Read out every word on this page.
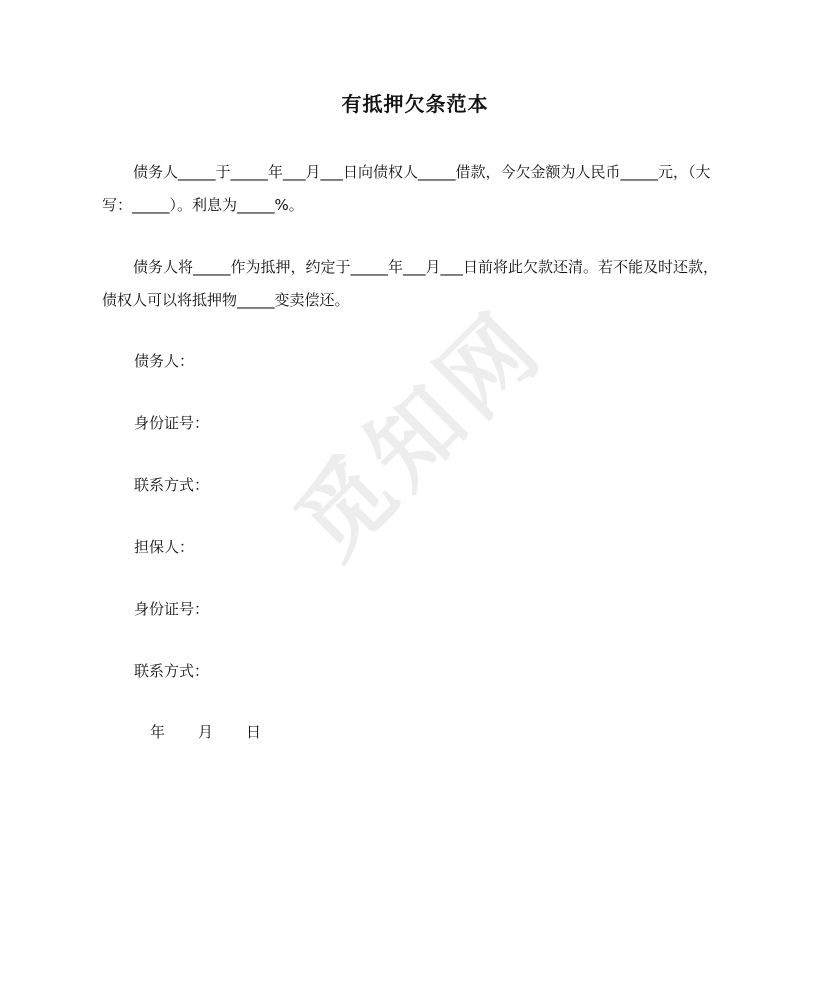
觅知网
有抵押欠条范本
债务人_____于_____年___月___日向债权人_____借款，今欠金额为人民币_____元，（大写：_____）。利息为_____%。
债务人将_____作为抵押，约定于_____年___月___日前将此欠款还清。若不能及时还款，债权人可以将抵押物_____变卖偿还。
债务人：
身份证号：
联系方式：
担保人：
身份证号：
联系方式：
年 月 日
